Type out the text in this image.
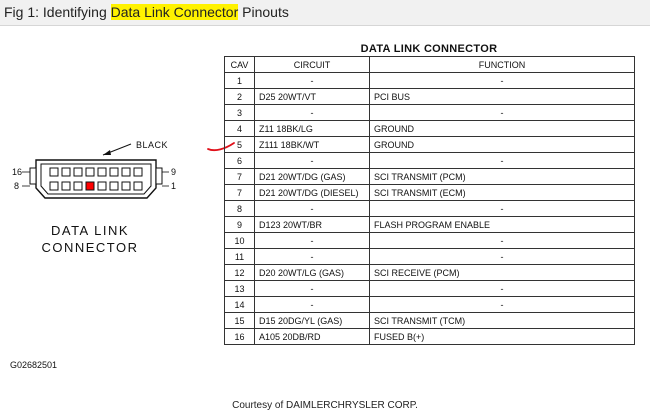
Fig 1: Identifying Data Link Connector Pinouts
BLACK
16
8
9
1
DATA LINK
CONNECTOR
G02682501
DATA LINK CONNECTOR
CAV	CIRCUIT	FUNCTION
1	-	-
2	D25 20WT/VT	PCI BUS
3	-	-
4	Z11 18BK/LG	GROUND
5	Z111 18BK/WT	GROUND
6	-	-
7	D21 20WT/DG (GAS)	SCI TRANSMIT (PCM)
7	D21 20WT/DG (DIESEL)	SCI TRANSMIT (ECM)
8	-	-
9	D123 20WT/BR	FLASH PROGRAM ENABLE
10	-	-
11	-	-
12	D20 20WT/LG (GAS)	SCI RECEIVE (PCM)
13	-	-
14	-	-
15	D15 20DG/YL (GAS)	SCI TRANSMIT (TCM)
16	A105 20DB/RD	FUSED B(+)
Courtesy of DAIMLERCHRYSLER CORP.
